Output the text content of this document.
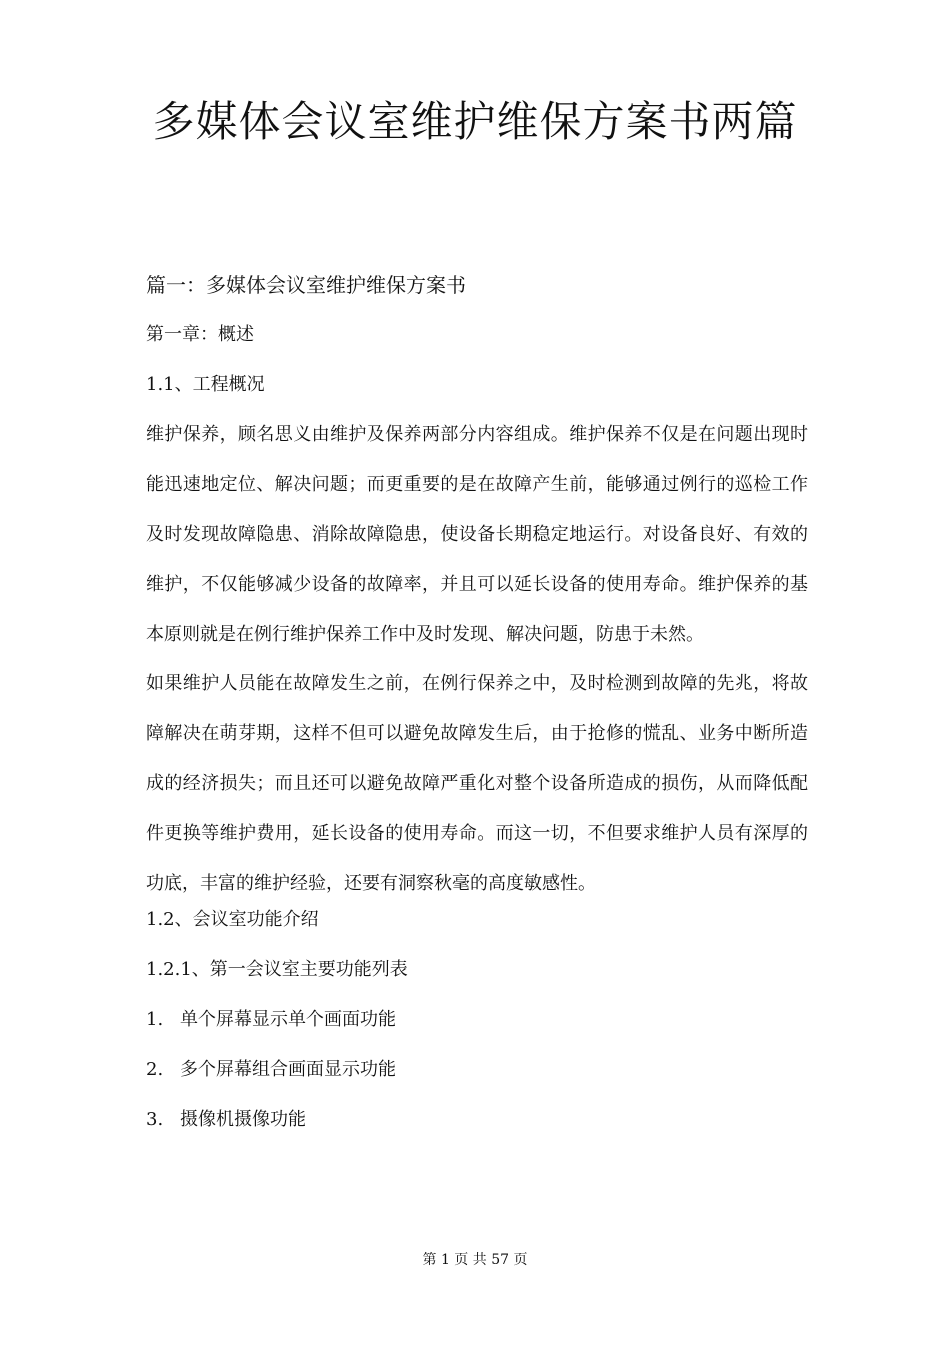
多媒体会议室维护维保方案书两篇
篇一：多媒体会议室维护维保方案书
第一章：概述
1.1、工程概况
维护保养，顾名思义由维护及保养两部分内容组成。维护保养不仅是在问题出现时能迅速地定位、解决问题；而更重要的是在故障产生前，能够通过例行的巡检工作及时发现故障隐患、消除故障隐患，使设备长期稳定地运行。对设备良好、有效的维护，不仅能够减少设备的故障率，并且可以延长设备的使用寿命。维护保养的基本原则就是在例行维护保养工作中及时发现、解决问题，防患于未然。
如果维护人员能在故障发生之前，在例行保养之中，及时检测到故障的先兆，将故障解决在萌芽期，这样不但可以避免故障发生后，由于抢修的慌乱、业务中断所造成的经济损失；而且还可以避免故障严重化对整个设备所造成的损伤，从而降低配件更换等维护费用，延长设备的使用寿命。而这一切，不但要求维护人员有深厚的功底，丰富的维护经验，还要有洞察秋毫的高度敏感性。
1.2、会议室功能介绍
1.2.1、第一会议室主要功能列表
1. 单个屏幕显示单个画面功能
2. 多个屏幕组合画面显示功能
3. 摄像机摄像功能
第 1 页 共 57 页
